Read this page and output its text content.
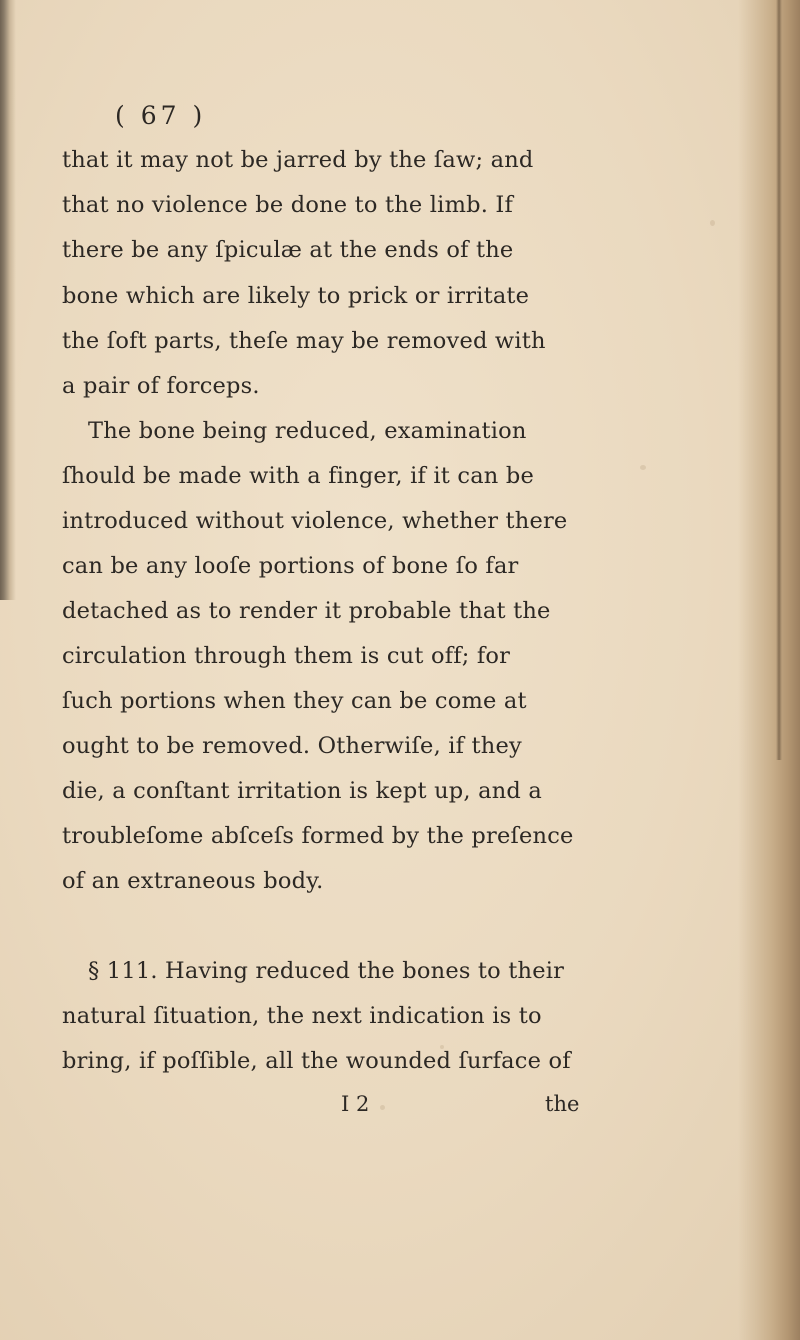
( 67 )
that it may not be jarred by the ſaw; and
that no violence be done to the limb. If
there be any ſpiculæ at the ends of the
bone which are likely to prick or irritate
the ſoft parts, theſe may be removed with
a pair of forceps.
The bone being reduced, examination
ſhould be made with a finger, if it can be
introduced without violence, whether there
can be any looſe portions of bone ſo far
detached as to render it probable that the
circulation through them is cut off; for
ſuch portions when they can be come at
ought to be removed. Otherwiſe, if they
die, a conſtant irritation is kept up, and a
troubleſome abſceſs formed by the preſence
of an extraneous body.
§ 111. Having reduced the bones to their
natural ſituation, the next indication is to
bring, if poſſible, all the wounded ſurface of
I 2	the
